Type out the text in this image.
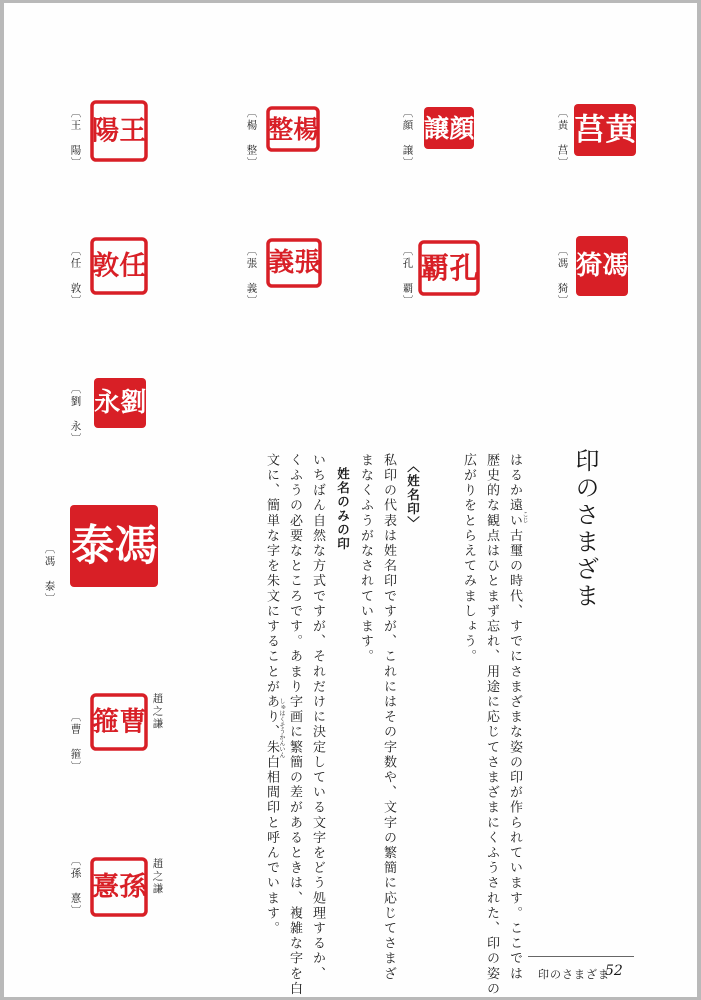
〔黄　莒〕 黄
莒
〔顔　譲〕 顔
譲
〔楊　整〕 楊
整
〔王　陽〕 王
陽
〔馮　猗〕 馮
猗
〔孔　覇〕 孔
覇
〔張　義〕 張
義
〔任　敦〕 任
敦
〔劉　永〕 劉
永
〔馮　泰〕 馮
泰
〔曹　箍〕 曹
箍	趙之謙
〔孫　憙〕 孫
憙	趙之謙
印のさまざま
はるか遠い古璽の時代、すでにさまざまな姿の印が作られています。ここでは こじ
歴史的な観点はひとまず忘れ、用途に応じてさまざまにくふうされた、印の姿の
広がりをとらえてみましょう。
〈姓名印〉
私印の代表は姓名印ですが、これにはその字数や、文字の繁簡に応じてさまざ
まなくふうがなされています。
姓名のみの印
いちばん自然な方式ですが、それだけに決定している文字をどう処理するか、
くふうの必要なところです。あまり字画に繁簡の差があるときは、複雑な字を白
文に、簡単な字を朱文にすることがあり、朱白相間印と呼んでいます。 しゅはくそうかんいん
印のさまざま
52
